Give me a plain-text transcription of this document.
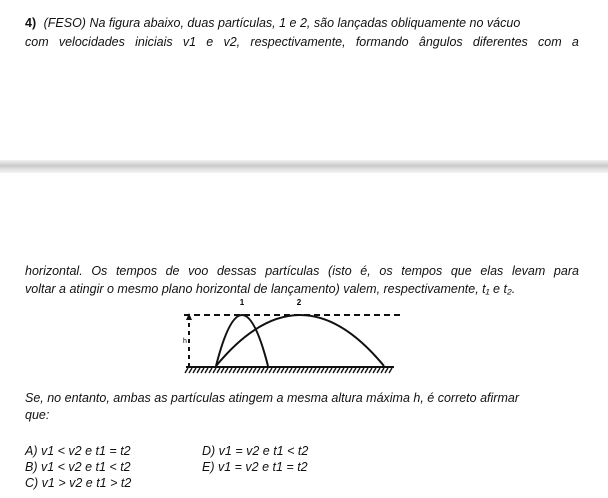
4) (FESO) Na figura abaixo, duas partículas, 1 e 2, são lançadas obliquamente no vácuo
com velocidades iniciais v1 e v2, respectivamente, formando ângulos diferentes com a
horizontal. Os tempos de voo dessas partículas (isto é, os tempos que elas levam para
voltar a atingir o mesmo plano horizontal de lançamento) valem, respectivamente, t₁ e t₂.
1	2
h
Se, no entanto, ambas as partículas atingem a mesma altura máxima h, é correto afirmar
que:
A) v1 < v2 e t1 = t2
B) v1 < v2 e t1 < t2
C) v1 > v2 e t1 > t2
D) v1 = v2 e t1 < t2
E) v1 = v2 e t1 = t2
